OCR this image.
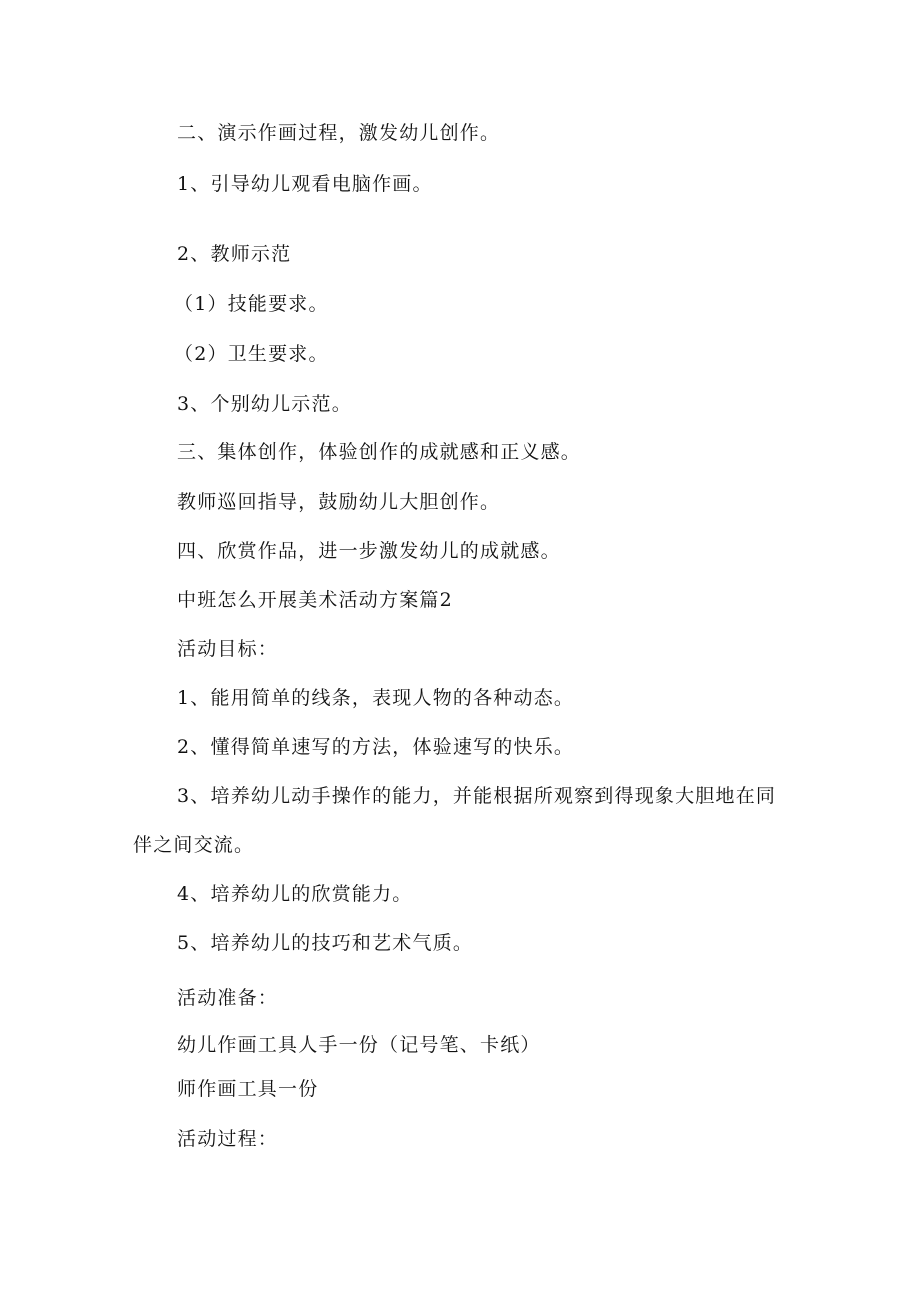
二、演示作画过程，激发幼儿创作。
1、引导幼儿观看电脑作画。
2、教师示范
（1）技能要求。
（2）卫生要求。
3、个别幼儿示范。
三、集体创作，体验创作的成就感和正义感。
教师巡回指导，鼓励幼儿大胆创作。
四、欣赏作品，进一步激发幼儿的成就感。
中班怎么开展美术活动方案篇2
活动目标：
1、能用简单的线条，表现人物的各种动态。
2、懂得简单速写的方法，体验速写的快乐。
3、培养幼儿动手操作的能力，并能根据所观察到得现象大胆地在同
伴之间交流。
4、培养幼儿的欣赏能力。
5、培养幼儿的技巧和艺术气质。
活动准备：
幼儿作画工具人手一份（记号笔、卡纸）
师作画工具一份
活动过程：
